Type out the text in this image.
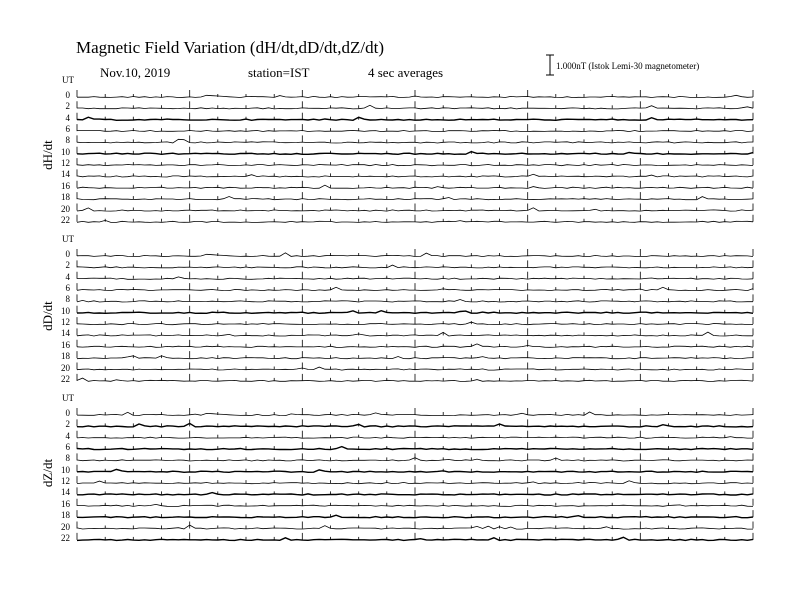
Magnetic Field Variation (dH/dt,dD/dt,dZ/dt)
Nov.10, 2019	station=IST	4 sec averages	1.000nT (Istok Lemi-30 magnetometer)
UT
dH/dt
UT
dD/dt
UT
dZ/dt
0
2
4
6
8
10
12
14
16
18
20
22
0
2
4
6
8
10
12
14
16
18
20
22
0
2
4
6
8
10
12
14
16
18
20
22
